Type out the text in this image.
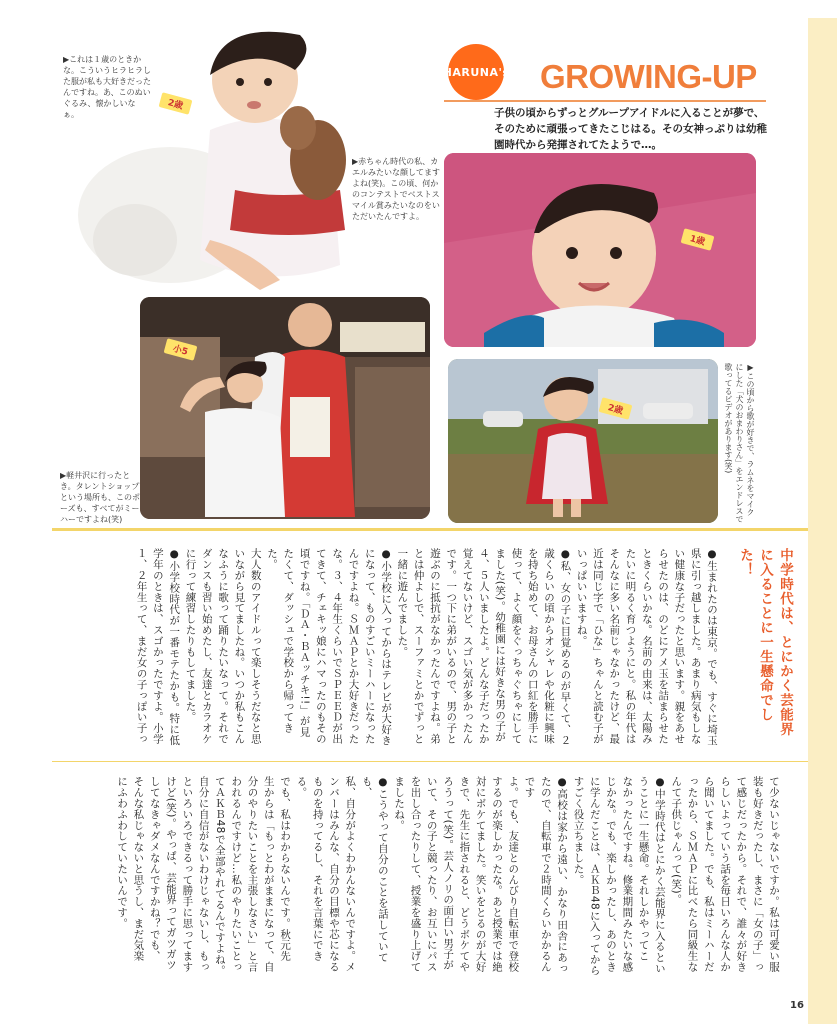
2歳
▶これは１歳のときかな。こういうヒラヒラした服が私も大好きだったんですね。あ、このぬいぐるみ、懐かしいなぁ。
▶赤ちゃん時代の私、カエルみたいな顔してますよね(笑)。この頃、何かのコンテストでベストスマイル賞みたいなのをいただいたんですよ。
HARUNA's GROWING-UP
子供の頃からずっとグループアイドルに入ることが夢で、そのために頑張ってきたこじはる。その女神っぷりは幼稚園時代から発揮されてたようで…。
1歳
小5
▶軽井沢に行ったとき。タレントショップという場所も、このポーズも、すべてがミーハーですよね(笑)
2歳	▶この頃から歌が好きで、ラムネをマイクにした「犬のおまわりさん」をエンドレスで歌ってるビデオがあります(笑)
中学時代は、とにかく芸能界に入ることに一生懸命でした！
●生まれたのは東京。でも、すぐに埼玉
県に引っ越しました。あまり病気もしな
い健康な子だったと思います。親をあせ
らせたのは、のどにアメ玉を詰まらせた
ときくらいかな。名前の由来は、太陽み
たいに明るく育つようにと。私の年代は
そんなに多い名前じゃなかったけど、最
近は同じ字で「ひな」ちゃんと読む子が
いっぱいいますね。
●私、女の子に目覚めるのが早くて、２
歳くらいの頃からオシャレや化粧に興味
を持ち始めて、お母さんの口紅を勝手に
使って、よく顔をぐっちゃぐちゃにして
ました(笑)。幼稚園には好きな男の子が
４、５人いましたよ。どんな子だったか
覚えてないけど、スゴい気が多かったん
です。一つ下に弟がいるので、男の子と
遊ぶのに抵抗がなかったんですよね。弟
とは仲よしで、スーファミとかでずっと
一緒に遊んでました。
●小学校に入ってからはテレビが大好き
になって、ものすごいミーハーになった
んですよね。ＳＭＡＰとか大好きだった
な。３、４年生くらいでＳＰＥＥＤが出
てきて、チェキッ娘にハマったのもその
頃ですね。「ＤＡ・ＢＡッチキ!!」が見
たくて、ダッシュで学校から帰ってきた。
大人数のアイドルって楽しそうだなと思
いながら見てましたね。いつか私もこん
なふうに歌って踊りたいなって。それで
ダンスも習い始めたし、友達とカラオケ
に行って練習したりもしてました。
●小学校時代が一番モテたかも。特に低
学年のときは、スゴかったですよ。小学
１、２年生って、まだ女の子っぽい子っ
て少ないじゃないですか。私は可愛い服
装も好きだったし、まさに「女の子」っ
て感じだったから。それで、誰々が好き
らしいよっていう話を毎日いろんな人か
ら聞いてました。でも、私はミーハーだ
ったから、ＳＭＡＰに比べたら同級生な
んて子供じゃんって(笑)。
●中学時代はとにかく芸能界に入るとい
うことに一生懸命。それしかやってこ
なかったんですね。修業期間みたいな感
じかな。でも、楽しかったし、あのとき
に学んだことは、ＡＫＢ48に入ってから
すごく役立ちました。
●高校は家から遠い、かなり田舎にあっ
たので、自転車で２時間くらいかかるんです
よ。でも、友達とのんびり自転車で登校
するのが楽しかったな。あと授業では絶
対にボケてました。笑いをとるのが大好
きで、先生に指されると、どうボケてや
ろうって(笑)。芸人ノリの面白い男子が
いて、その子と競ったり、お互いにパス
を出し合ったりして、授業を盛り上げて
ましたね。
●こうやって自分のことを話していても、
私、自分がよくわかんないんですよ。メ
ンバーはみんな、自分の目標や芯になる
ものを持ってるし、それを言葉にできる。
でも、私はわからないんです。秋元先
生からは「もっとわがままになって、自
分のやりたいことを主張しなさい」と言
われるんですけど…私のやりたいことっ
てＡＫＢ48で全部やれてるんですよね。
自分に自信がないわけじゃないし、もっ
といろいろできるって勝手に思ってます
けど(笑)。やっぱ、芸能界ってガツガツ
してなきゃダメなんですかね？でも、
そんな私じゃないと思うし、まだ気楽
にふわふわしていたいんです。
16
